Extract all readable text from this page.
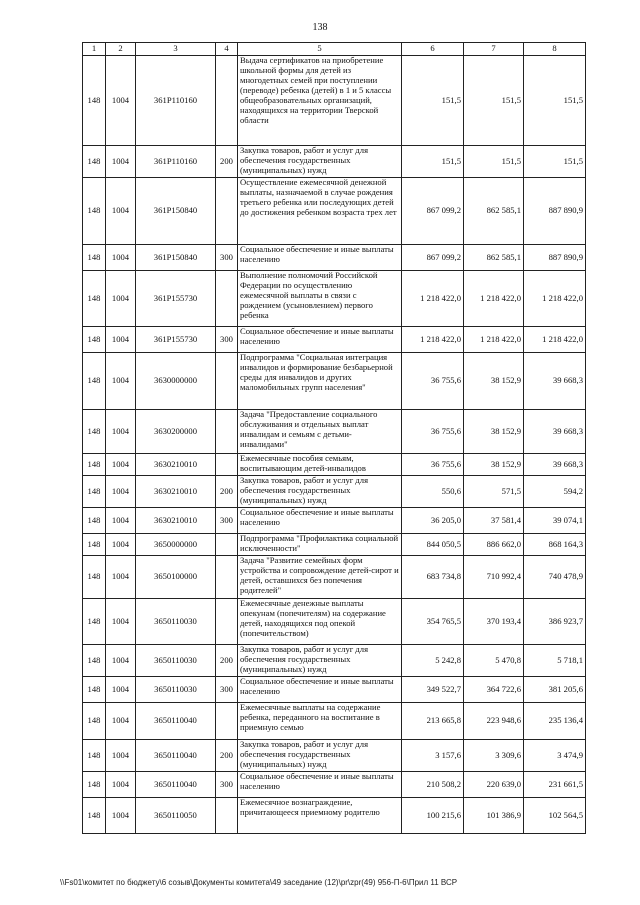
138
1	2	3	4	5	6	7	8
148	1004	361P110160		Выдача сертификатов на приобретение школьной формы для детей из многодетных семей при поступлении (переводе) ребенка (детей) в 1 и 5 классы общеобразовательных организаций, находящихся на территории Тверской области	151,5	151,5	151,5
148	1004	361P110160	200	Закупка товаров, работ и услуг для обеспечения государственных (муниципальных) нужд	151,5	151,5	151,5
148	1004	361P150840		Осуществление ежемесячной денежной выплаты, назначаемой в случае рождения третьего ребенка или последующих детей до достижения ребенком возраста трех лет	867 099,2	862 585,1	887 890,9
148	1004	361P150840	300	Социальное обеспечение и иные выплаты населению	867 099,2	862 585,1	887 890,9
148	1004	361P155730		Выполнение полномочий Российской Федерации по осуществлению ежемесячной выплаты в связи с рождением (усыновлением) первого ребенка	1 218 422,0	1 218 422,0	1 218 422,0
148	1004	361P155730	300	Социальное обеспечение и иные выплаты населению	1 218 422,0	1 218 422,0	1 218 422,0
148	1004	3630000000		Подпрограмма "Социальная интеграция инвалидов и формирование безбарьерной среды для инвалидов и других маломобильных групп населения"	36 755,6	38 152,9	39 668,3
148	1004	3630200000		Задача "Предоставление социального обслуживания и отдельных выплат инвалидам и семьям с детьми-инвалидами"	36 755,6	38 152,9	39 668,3
148	1004	3630210010		Ежемесячные пособия семьям, воспитывающим детей-инвалидов	36 755,6	38 152,9	39 668,3
148	1004	3630210010	200	Закупка товаров, работ и услуг для обеспечения государственных (муниципальных) нужд	550,6	571,5	594,2
148	1004	3630210010	300	Социальное обеспечение и иные выплаты населению	36 205,0	37 581,4	39 074,1
148	1004	3650000000		Подпрограмма "Профилактика социальной исключенности"	844 050,5	886 662,0	868 164,3
148	1004	3650100000		Задача "Развитие семейных форм устройства и сопровождение детей-сирот и детей, оставшихся без попечения родителей"	683 734,8	710 992,4	740 478,9
148	1004	3650110030		Ежемесячные денежные выплаты опекунам (попечителям) на содержание детей, находящихся под опекой (попечительством)	354 765,5	370 193,4	386 923,7
148	1004	3650110030	200	Закупка товаров, работ и услуг для обеспечения государственных (муниципальных) нужд	5 242,8	5 470,8	5 718,1
148	1004	3650110030	300	Социальное обеспечение и иные выплаты населению	349 522,7	364 722,6	381 205,6
148	1004	3650110040		Ежемесячные выплаты на содержание ребенка, переданного на воспитание в приемную семью	213 665,8	223 948,6	235 136,4
148	1004	3650110040	200	Закупка товаров, работ и услуг для обеспечения государственных (муниципальных) нужд	3 157,6	3 309,6	3 474,9
148	1004	3650110040	300	Социальное обеспечение и иные выплаты населению	210 508,2	220 639,0	231 661,5
148	1004	3650110050		Ежемесячное вознаграждение, причитающееся приемному родителю	100 215,6	101 386,9	102 564,5
\\Fs01\комитет по бюджету\6 созыв\Документы комитета\49 заседание (12)\pr\zpr(49) 956-П-6\Прил 11 ВСР
